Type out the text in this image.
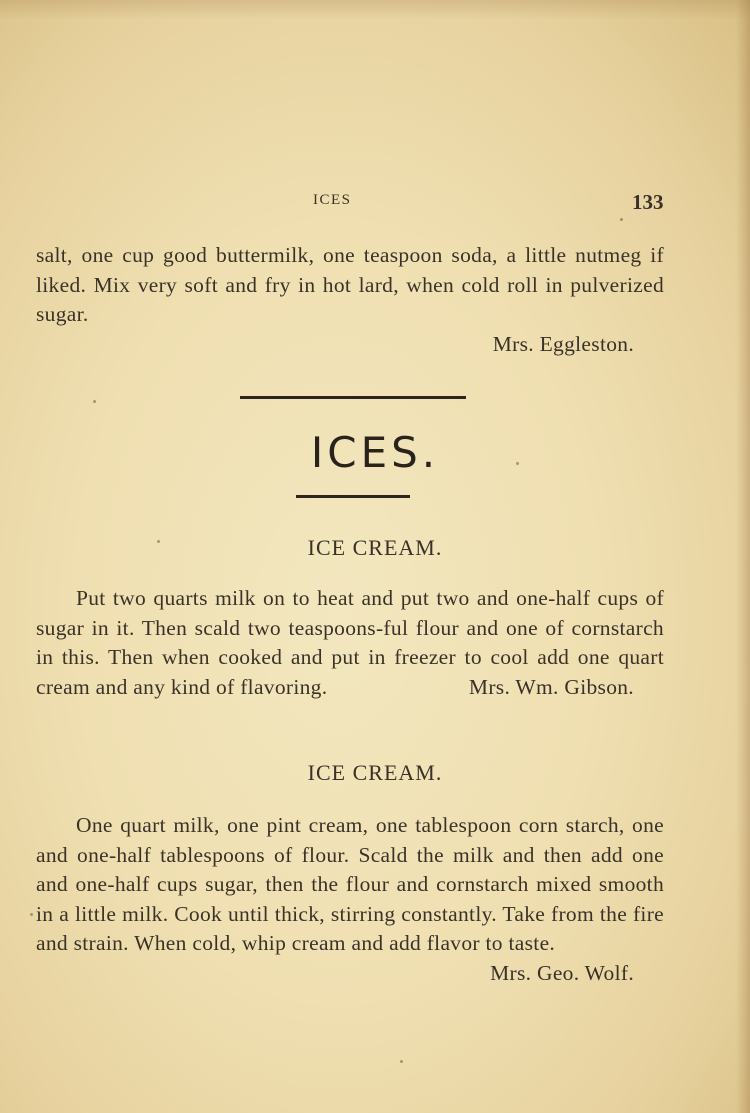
ICES	133

salt, one cup good buttermilk, one teaspoon soda, a little nutmeg if liked. Mix very soft and fry in hot lard, when cold roll in pulverized sugar.

Mrs. Eggleston.

ICES.
ICE CREAM.

Put two quarts milk on to heat and put two and one-half cups of sugar in it. Then scald two teaspoons-ful flour and one of cornstarch in this. Then when cooked and put in freezer to cool add one quart cream and any kind of flavoring.	Mrs. Wm. Gibson.

ICE CREAM.

One quart milk, one pint cream, one tablespoon corn starch, one and one-half tablespoons of flour. Scald the milk and then add one and one-half cups sugar, then the flour and cornstarch mixed smooth in a little milk. Cook until thick, stirring constantly. Take from the fire and strain. When cold, whip cream and add flavor to taste.
Mrs. Geo. Wolf.
